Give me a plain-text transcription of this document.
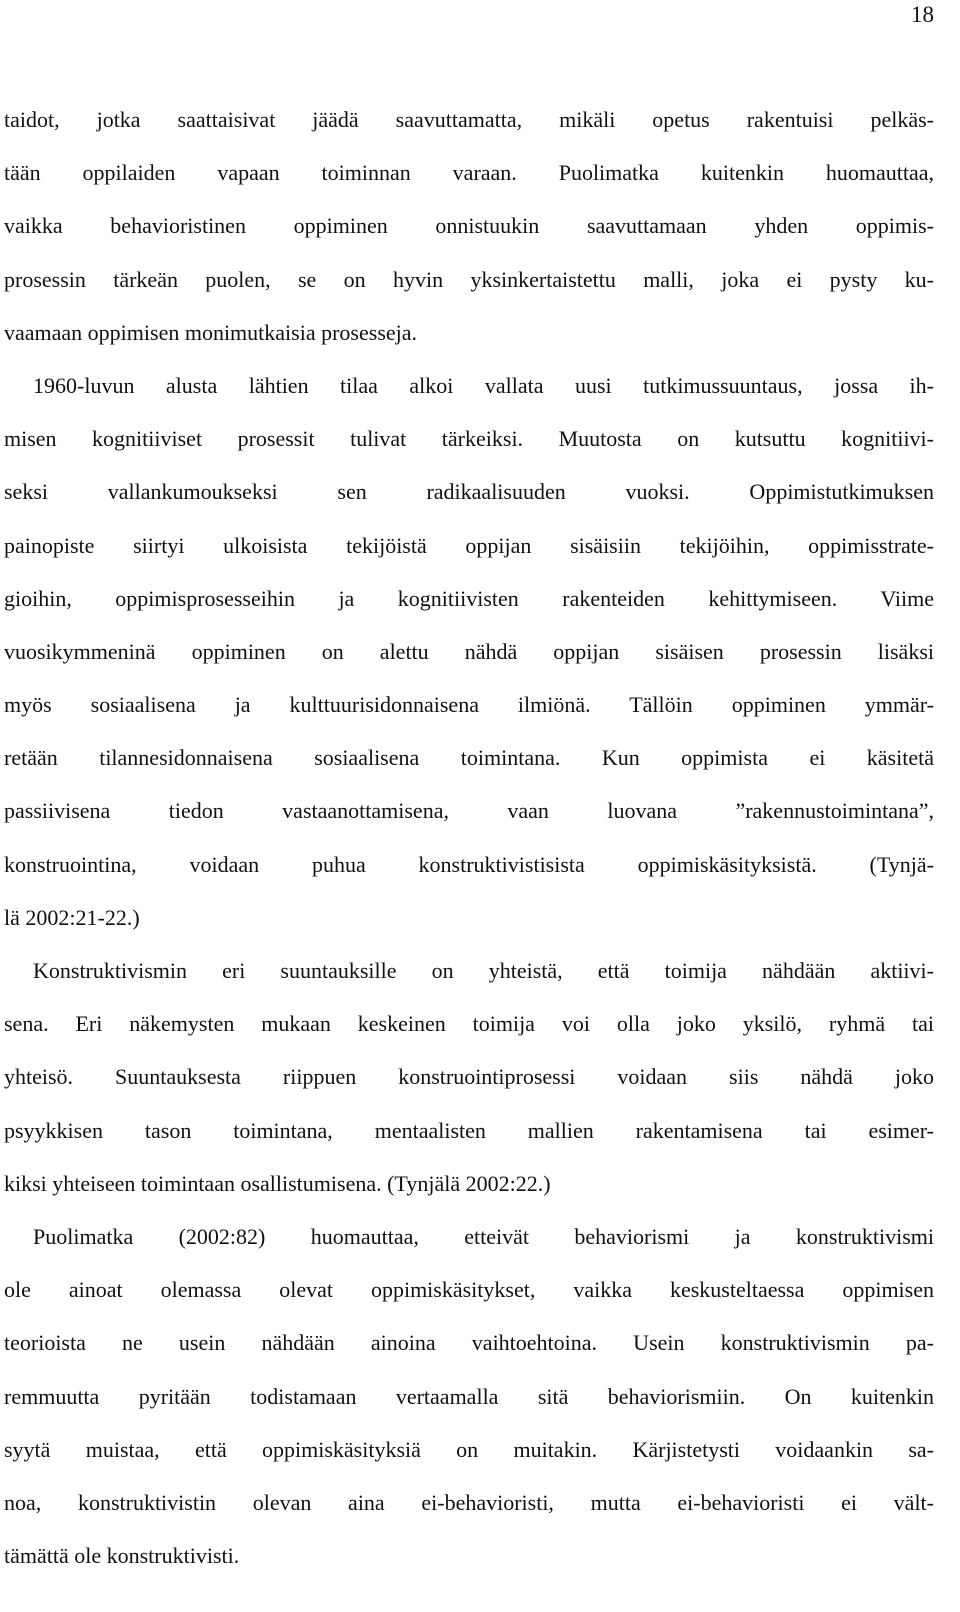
18
taidot, jotka saattaisivat jäädä saavuttamatta, mikäli opetus rakentuisi pelkäs-
tään oppilaiden vapaan toiminnan varaan. Puolimatka kuitenkin huomauttaa,
vaikka behavioristinen oppiminen onnistuukin saavuttamaan yhden oppimis-
prosessin tärkeän puolen, se on hyvin yksinkertaistettu malli, joka ei pysty ku-
vaamaan oppimisen monimutkaisia prosesseja.
1960-luvun alusta lähtien tilaa alkoi vallata uusi tutkimussuuntaus, jossa ih-
misen kognitiiviset prosessit tulivat tärkeiksi. Muutosta on kutsuttu kognitiivi-
seksi vallankumoukseksi sen radikaalisuuden vuoksi. Oppimistutkimuksen
painopiste siirtyi ulkoisista tekijöistä oppijan sisäisiin tekijöihin, oppimisstrate-
gioihin, oppimisprosesseihin ja kognitiivisten rakenteiden kehittymiseen. Viime
vuosikymmeninä oppiminen on alettu nähdä oppijan sisäisen prosessin lisäksi
myös sosiaalisena ja kulttuurisidonnaisena ilmiönä. Tällöin oppiminen ymmär-
retään tilannesidonnaisena sosiaalisena toimintana. Kun oppimista ei käsitetä
passiivisena tiedon vastaanottamisena, vaan luovana ”rakennustoimintana”,
konstruointina, voidaan puhua konstruktivistisista oppimiskäsityksistä. (Tynjä-
lä 2002:21-22.)
Konstruktivismin eri suuntauksille on yhteistä, että toimija nähdään aktiivi-
sena. Eri näkemysten mukaan keskeinen toimija voi olla joko yksilö, ryhmä tai
yhteisö. Suuntauksesta riippuen konstruointiprosessi voidaan siis nähdä joko
psyykkisen tason toimintana, mentaalisten mallien rakentamisena tai esimer-
kiksi yhteiseen toimintaan osallistumisena. (Tynjälä 2002:22.)
Puolimatka (2002:82) huomauttaa, etteivät behaviorismi ja konstruktivismi
ole ainoat olemassa olevat oppimiskäsitykset, vaikka keskusteltaessa oppimisen
teorioista ne usein nähdään ainoina vaihtoehtoina. Usein konstruktivismin pa-
remmuutta pyritään todistamaan vertaamalla sitä behaviorismiin. On kuitenkin
syytä muistaa, että oppimiskäsityksiä on muitakin. Kärjistetysti voidaankin sa-
noa, konstruktivistin olevan aina ei-behavioristi, mutta ei-behavioristi ei vält-
tämättä ole konstruktivisti.
